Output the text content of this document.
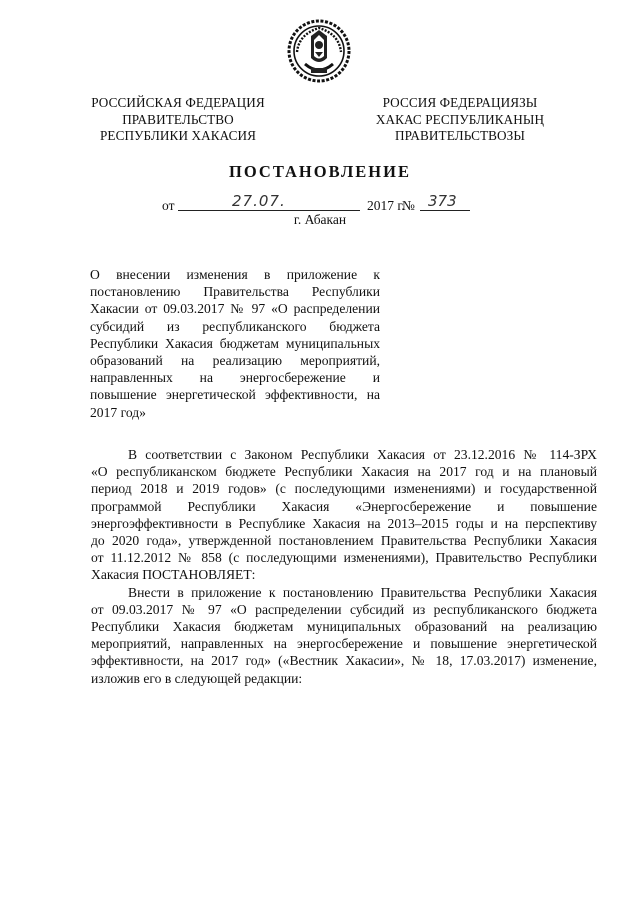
РОССИЙСКАЯ ФЕДЕРАЦИЯ
ПРАВИТЕЛЬСТВО
РЕСПУБЛИКИ ХАКАСИЯ
РОССИЯ ФЕДЕРАЦИЯЗЫ
ХАКАС РЕСПУБЛИКАНЫҢ
ПРАВИТЕЛЬСТВОЗЫ
ПОСТАНОВЛЕНИЕ
от	27.07.	2017 г.
№ 373
г. Абакан
О внесении изменения в приложение к
постановлению Правительства Республики
Хакасии от 09.03.2017 № 97 «О распределении
субсидий из республиканского бюджета
Республики Хакасия бюджетам муниципальных
образований на реализацию мероприятий,
направленных на энергосбережение и
повышение энергетической эффективности, на
2017 год»
В соответствии с Законом Республики Хакасия от 23.12.2016 № 114-ЗРХ
«О республиканском бюджете Республики Хакасия на 2017 год и на плановый
период 2018 и 2019 годов» (с последующими изменениями) и государственной
программой Республики Хакасия «Энергосбережение и повышение
энергоэффективности в Республике Хакасия на 2013–2015 годы и на перспективу
до 2020 года», утвержденной постановлением Правительства Республики Хакасия
от 11.12.2012 № 858 (с последующими изменениями), Правительство Республики
Хакасия ПОСТАНОВЛЯЕТ:
Внести в приложение к постановлению Правительства Республики Хакасия
от 09.03.2017 № 97 «О распределении субсидий из республиканского бюджета
Республики Хакасия бюджетам муниципальных образований на реализацию
мероприятий, направленных на энергосбережение и повышение энергетической
эффективности, на 2017 год» («Вестник Хакасии», № 18, 17.03.2017) изменение,
изложив его в следующей редакции:
